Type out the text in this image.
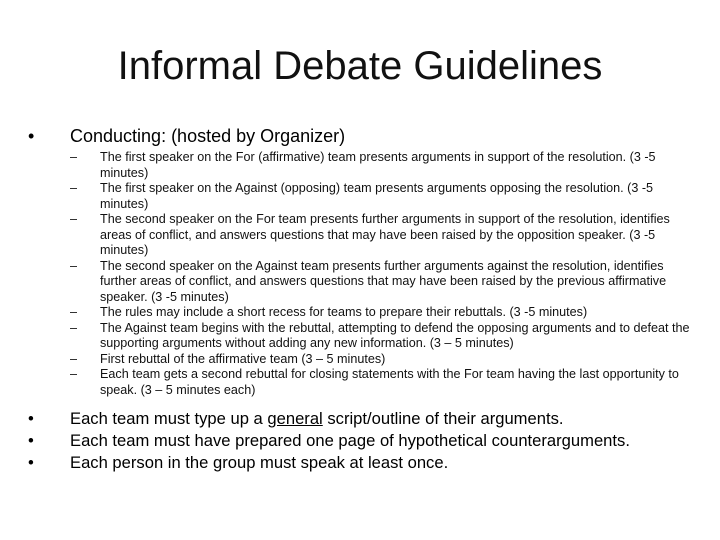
Informal Debate Guidelines
•	Conducting: (hosted by Organizer)
– The first speaker on the For (affirmative) team presents arguments in support of the resolution. (3 -5 minutes)
– The first speaker on the Against (opposing) team presents arguments opposing the resolution. (3 -5 minutes)
– The second speaker on the For team presents further arguments in support of the resolution, identifies areas of conflict, and answers questions that may have been raised by the opposition speaker. (3 -5 minutes)
– The second speaker on the Against team presents further arguments against the resolution, identifies further areas of conflict, and answers questions that may have been raised by the previous affirmative speaker. (3 -5 minutes)
– The rules may include a short recess for teams to prepare their rebuttals. (3 -5 minutes)
– The Against team begins with the rebuttal, attempting to defend the opposing arguments and to defeat the supporting arguments without adding any new information. (3 – 5 minutes)
– First rebuttal of the affirmative team (3 – 5 minutes)
– Each team gets a second rebuttal for closing statements with the For team having the last opportunity to speak. (3 – 5 minutes each)
• Each team must type up a general script/outline of their arguments.
• Each team must have prepared one page of hypothetical counterarguments.
• Each person in the group must speak at least once.
